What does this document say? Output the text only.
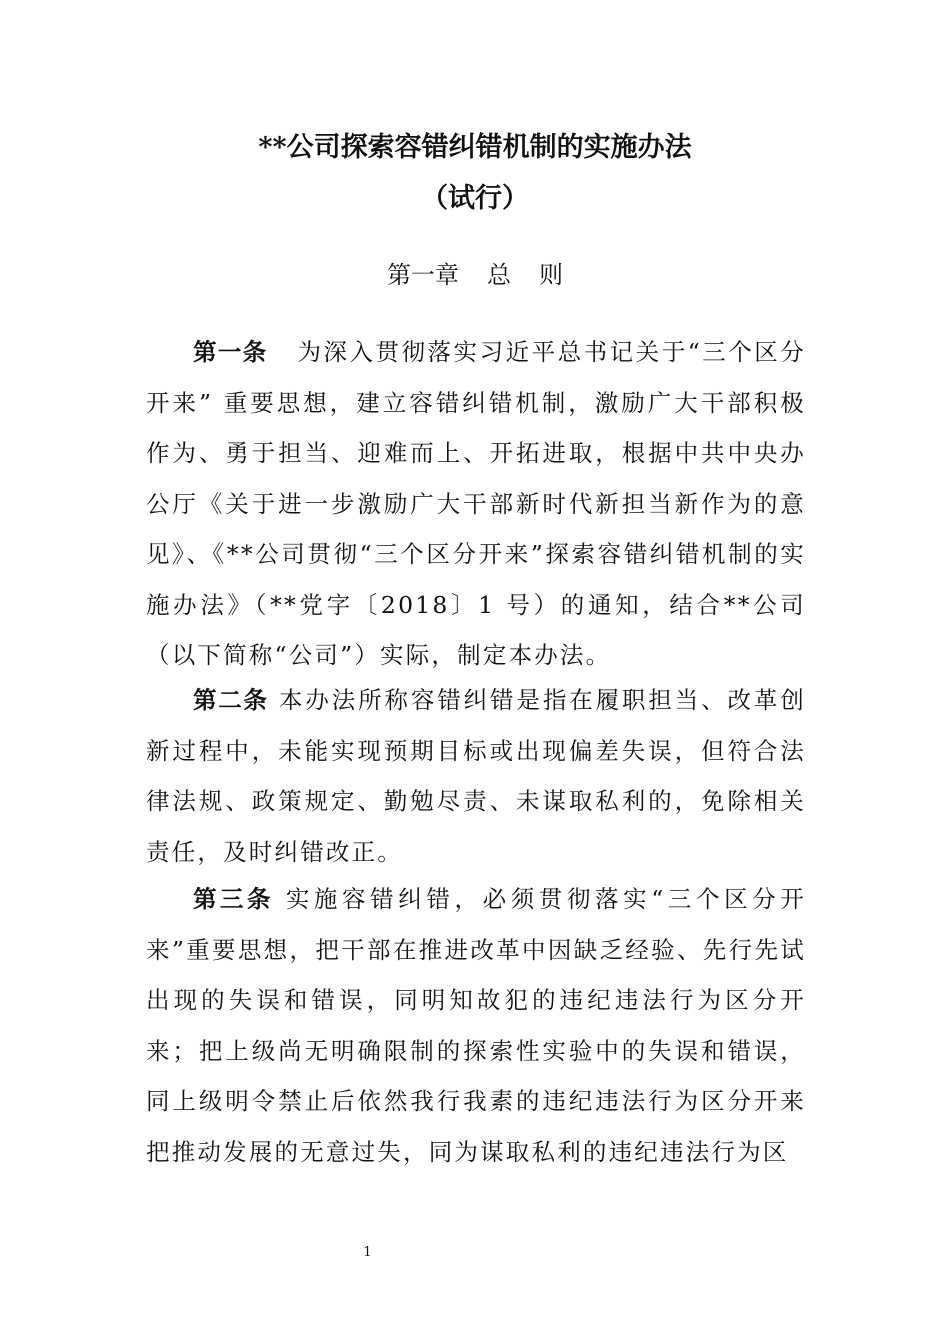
**公司探索容错纠错机制的实施办法
（试行）
第一章 总 则
第一条 为深入贯彻落实习近平总书记关于“三个区分开来” 重要思想，建立容错纠错机制，激励广大干部积极作为、勇于担当、迎难而上、开拓进取，根据中共中央办公厅《关于进一步激励广大干部新时代新担当新作为的意见》、《**公司贯彻“三个区分开来”探索容错纠错机制的实施办法》（**党字〔2018〕1 号）的通知，结合**公司（以下简称“公司”）实际，制定本办法。
第二条 本办法所称容错纠错是指在履职担当、改革创新过程中，未能实现预期目标或出现偏差失误，但符合法律法规、政策规定、勤勉尽责、未谋取私利的，免除相关责任，及时纠错改正。
第三条 实施容错纠错，必须贯彻落实“三个区分开来”重要思想，把干部在推进改革中因缺乏经验、先行先试出现的失误和错误，同明知故犯的违纪违法行为区分开来；把上级尚无明确限制的探索性实验中的失误和错误，同上级明令禁止后依然我行我素的违纪违法行为区分开来把推动发展的无意过失，同为谋取私利的违纪违法行为区
1
